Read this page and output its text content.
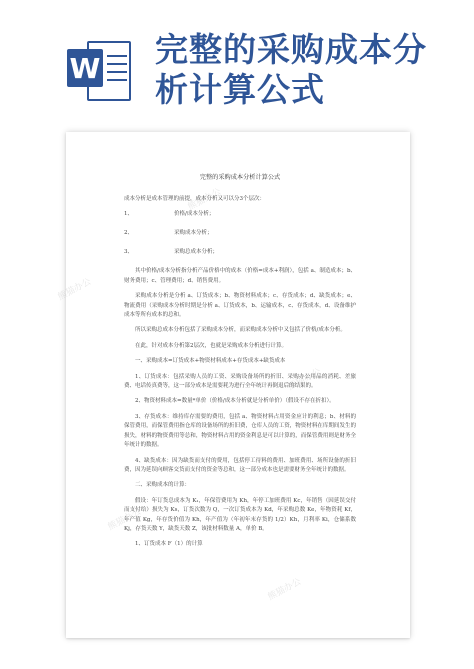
W 完整的采购成本分
析计算公式
熊猫办公
熊猫办公
熊猫办公
熊猫办公
熊猫办公
完整的采购成本分析计算公式

成本分析是成本管理的前提，成本分析又可以分3个层次：

1、	价格/成本分析；
2、	采购成本分析；
3、	采购总成本分析；

其中价格/成本分析指分析产品价格中的成本（价格=成本+利润），包括 a、制造成本；b、财务费用；c、管理费用；d、销售费用。

采购成本分析是分析 a、订货成本；b、物资材料成本；c、存货成本；d、缺货成本；e、物流费用（采购成本分析时期是分析 a、订货成本，b、运输成本，c、存货成本，d、设备维护成本等所有成本的总和。

所以采购总成本分析包括了采购成本分析，而采购成本分析中又包括了价格/成本分析。

在此，针对成本分析第2层次，也就是采购成本分析进行计算。

一、采购成本=订货成本+物资材料成本+存货成本+缺货成本

1、订货成本：包括采购人员的工资、采购设备场所的折旧、采购办公用品的消耗、差旅费、电话传真费等，这一部分成本是需要耗为进行全年统计再倒退后的结果的。

2、物资材料成本=数量*单价（价格/成本分析就是分析单价）（假设不存在折扣）。

3、存货成本：维持库存需要的费用，包括 a、物资材料占用资金应计的利息；b、材料的保管费用，而保管费用指仓库的设备场所的折旧费，仓库人员的工资，物资材料在库期间发生的损失，材料的物资费用等总和，物资材料占用的资金利息是可以计算的，而保管费用则是财务全年统计的数据。

4、缺货成本：因为缺货而支付的费用，包括停工待料的费用、加班费用、场所设备的折旧费，因为延误向顾客交货而支付的资金等总和，这一部分成本也是需要财务全年统计的数据。

二、采购成本的计算：

假设：年订货总成本为 K₁，年保管费用为 Kh，年停工加班费用 Kc，年销售（因延误交付而支付给）损失为 Ks，订货次数为 Q，一次订货成本为 Kd，年采购总数 Ke，年物资耗 Kf，年产值 Kg，年存货价值为 Kh，年产值为（年初年末存货的 1/2）Kh，月利率 Ki，仓储系数 Kj，存货天数 Y，缺货天数 Z，该批材料数量 A，单价 B。

1、订货成本 F（1）的计算
